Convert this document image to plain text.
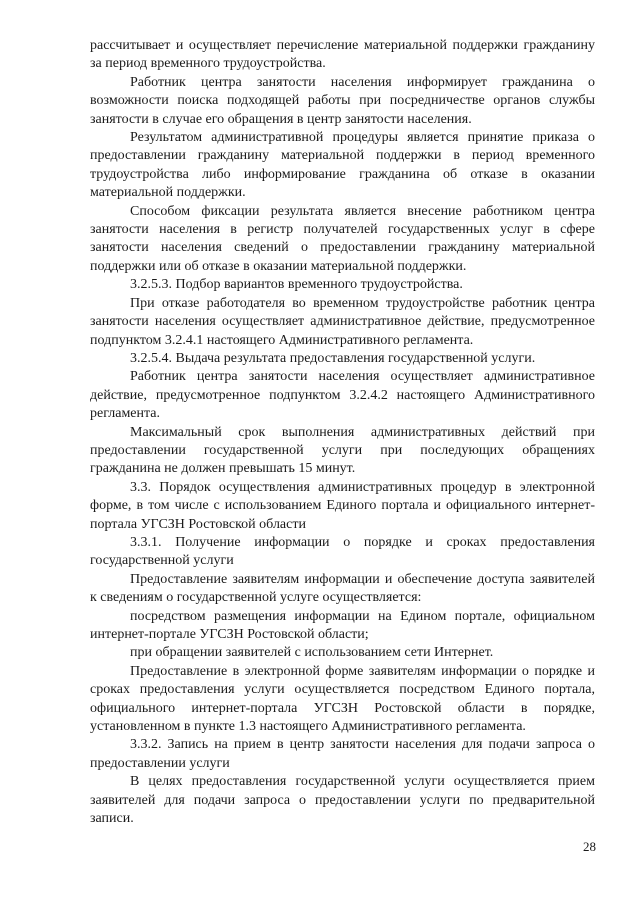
рассчитывает и осуществляет перечисление материальной поддержки гражданину за период временного трудоустройства.

Работник центра занятости населения информирует гражданина о возможности поиска подходящей работы при посредничестве органов службы занятости в случае его обращения в центр занятости населения.

Результатом административной процедуры является принятие приказа о предоставлении гражданину материальной поддержки в период временного трудоустройства либо информирование гражданина об отказе в оказании материальной поддержки.

Способом фиксации результата является внесение работником центра занятости населения в регистр получателей государственных услуг в сфере занятости населения сведений о предоставлении гражданину материальной поддержки или об отказе в оказании материальной поддержки.

3.2.5.3. Подбор вариантов временного трудоустройства.

При отказе работодателя во временном трудоустройстве работник центра занятости населения осуществляет административное действие, предусмотренное подпунктом 3.2.4.1 настоящего Административного регламента.

3.2.5.4. Выдача результата предоставления государственной услуги.

Работник центра занятости населения осуществляет административное действие, предусмотренное подпунктом 3.2.4.2 настоящего Административного регламента.

Максимальный срок выполнения административных действий при предоставлении государственной услуги при последующих обращениях гражданина не должен превышать 15 минут.

3.3. Порядок осуществления административных процедур в электронной форме, в том числе с использованием Единого портала и официального интернет-портала УГСЗН Ростовской области

3.3.1. Получение информации о порядке и сроках предоставления государственной услуги

Предоставление заявителям информации и обеспечение доступа заявителей к сведениям о государственной услуге осуществляется:

посредством размещения информации на Едином портале, официальном интернет-портале УГСЗН Ростовской области;

при обращении заявителей с использованием сети Интернет.

Предоставление в электронной форме заявителям информации о порядке и сроках предоставления услуги осуществляется посредством Единого портала, официального интернет-портала УГСЗН Ростовской области в порядке, установленном в пункте 1.3 настоящего Административного регламента.

3.3.2. Запись на прием в центр занятости населения для подачи запроса о предоставлении услуги

В целях предоставления государственной услуги осуществляется прием заявителей для подачи запроса о предоставлении услуги по предварительной записи.

28
